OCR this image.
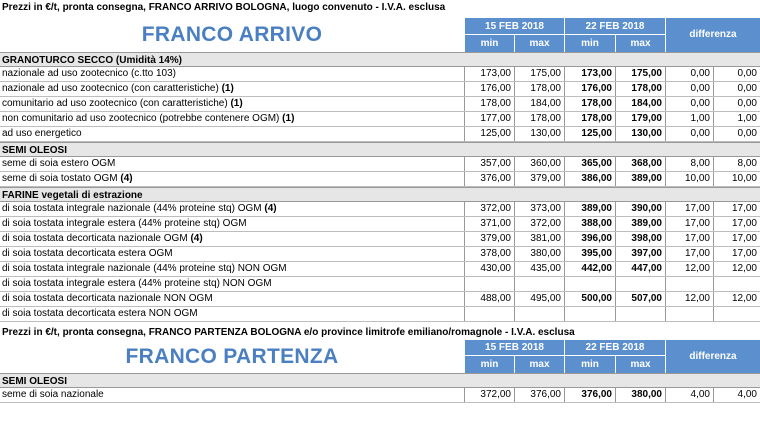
Prezzi in €/t, pronta consegna, FRANCO ARRIVO BOLOGNA, luogo convenuto - I.V.A. esclusa
FRANCO ARRIVO	15 FEB 2018	22 FEB 2018
min	max	min	max
differenza
GRANOTURCO SECCO (Umidità 14%)
nazionale ad uso zootecnico (c.tto 103)	173,00	175,00	173,00	175,00	0,00	0,00
nazionale ad uso zootecnico (con caratteristiche) (1)	176,00	178,00	176,00	178,00	0,00	0,00
comunitario ad uso zootecnico (con caratteristiche) (1)	178,00	184,00	178,00	184,00	0,00	0,00
non comunitario ad uso zootecnico (potrebbe contenere OGM) (1)	177,00	178,00	178,00	179,00	1,00	1,00
ad uso energetico	125,00	130,00	125,00	130,00	0,00	0,00
SEMI OLEOSI
seme di soia estero OGM	357,00	360,00	365,00	368,00	8,00	8,00
seme di soia tostato OGM (4)	376,00	379,00	386,00	389,00	10,00	10,00
FARINE vegetali di estrazione
di soia tostata integrale nazionale (44% proteine stq) OGM (4)	372,00	373,00	389,00	390,00	17,00	17,00
di soia tostata integrale estera (44% proteine stq) OGM	371,00	372,00	388,00	389,00	17,00	17,00
di soia tostata decorticata nazionale OGM (4)	379,00	381,00	396,00	398,00	17,00	17,00
di soia tostata decorticata estera OGM	378,00	380,00	395,00	397,00	17,00	17,00
di soia tostata integrale nazionale (44% proteine stq) NON OGM	430,00	435,00	442,00	447,00	12,00	12,00
di soia tostata integrale estera (44% proteine stq) NON OGM
di soia tostata decorticata nazionale NON OGM	488,00	495,00	500,00	507,00	12,00	12,00
di soia tostata decorticata estera NON OGM
Prezzi in €/t, pronta consegna, FRANCO PARTENZA BOLOGNA e/o province limitrofe emiliano/romagnole - I.V.A. esclusa
FRANCO PARTENZA	15 FEB 2018	22 FEB 2018
min	max	min	max
differenza
SEMI OLEOSI
seme di soia nazionale	372,00	376,00	376,00	380,00	4,00	4,00
